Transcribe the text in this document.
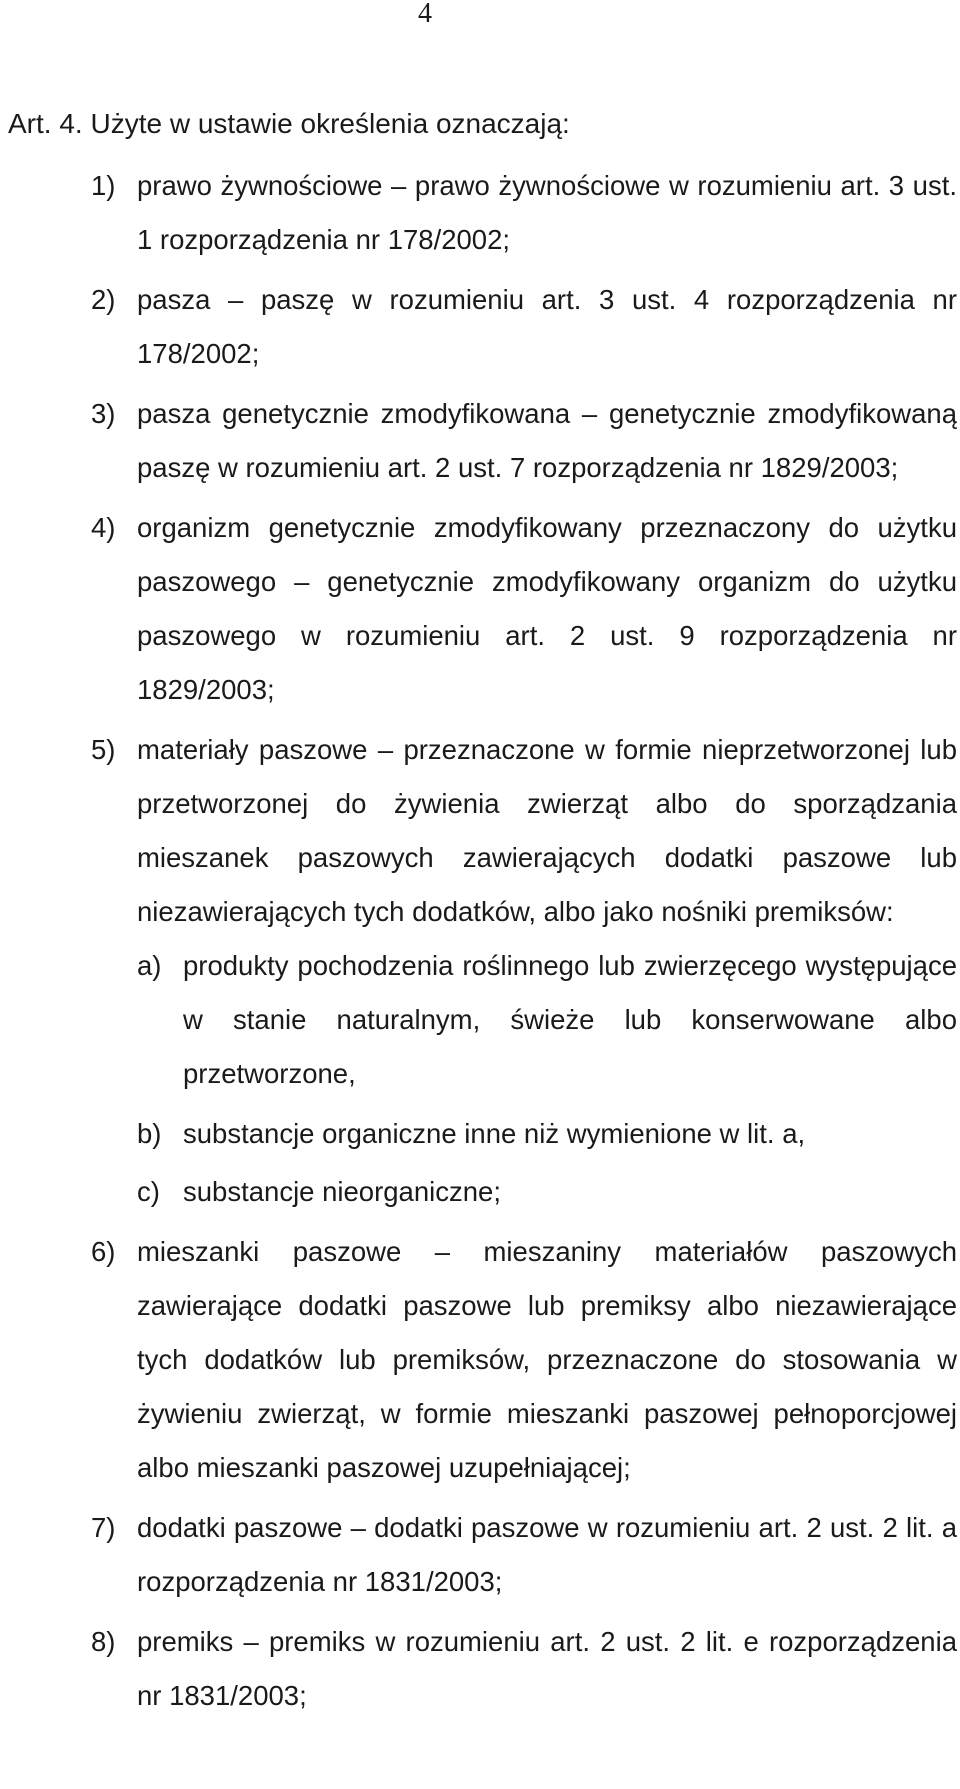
4
Art. 4. Użyte w ustawie określenia oznaczają:
1) prawo żywnościowe – prawo żywnościowe w rozumieniu art. 3 ust. 1 rozporządzenia nr 178/2002;
2) pasza – paszę w rozumieniu art. 3 ust. 4 rozporządzenia nr 178/2002;
3) pasza genetycznie zmodyfikowana – genetycznie zmodyfikowaną paszę w rozumieniu art. 2 ust. 7 rozporządzenia nr 1829/2003;
4) organizm genetycznie zmodyfikowany przeznaczony do użytku paszowego – genetycznie zmodyfikowany organizm do użytku paszowego w rozumieniu art. 2 ust. 9 rozporządzenia nr 1829/2003;
5) materiały paszowe – przeznaczone w formie nieprzetworzonej lub przetworzonej do żywienia zwierząt albo do sporządzania mieszanek paszowych zawierających dodatki paszowe lub niezawierających tych dodatków, albo jako nośniki premiksów:
a) produkty pochodzenia roślinnego lub zwierzęcego występujące w stanie naturalnym, świeże lub konserwowane albo przetworzone,
b) substancje organiczne inne niż wymienione w lit. a,
c) substancje nieorganiczne;
6) mieszanki paszowe – mieszaniny materiałów paszowych zawierające dodatki paszowe lub premiksy albo niezawierające tych dodatków lub premiksów, przeznaczone do stosowania w żywieniu zwierząt, w formie mieszanki paszowej pełnoporcjowej albo mieszanki paszowej uzupełniającej;
7) dodatki paszowe – dodatki paszowe w rozumieniu art. 2 ust. 2 lit. a rozporządzenia nr 1831/2003;
8) premiks – premiks w rozumieniu art. 2 ust. 2 lit. e rozporządzenia nr 1831/2003;
